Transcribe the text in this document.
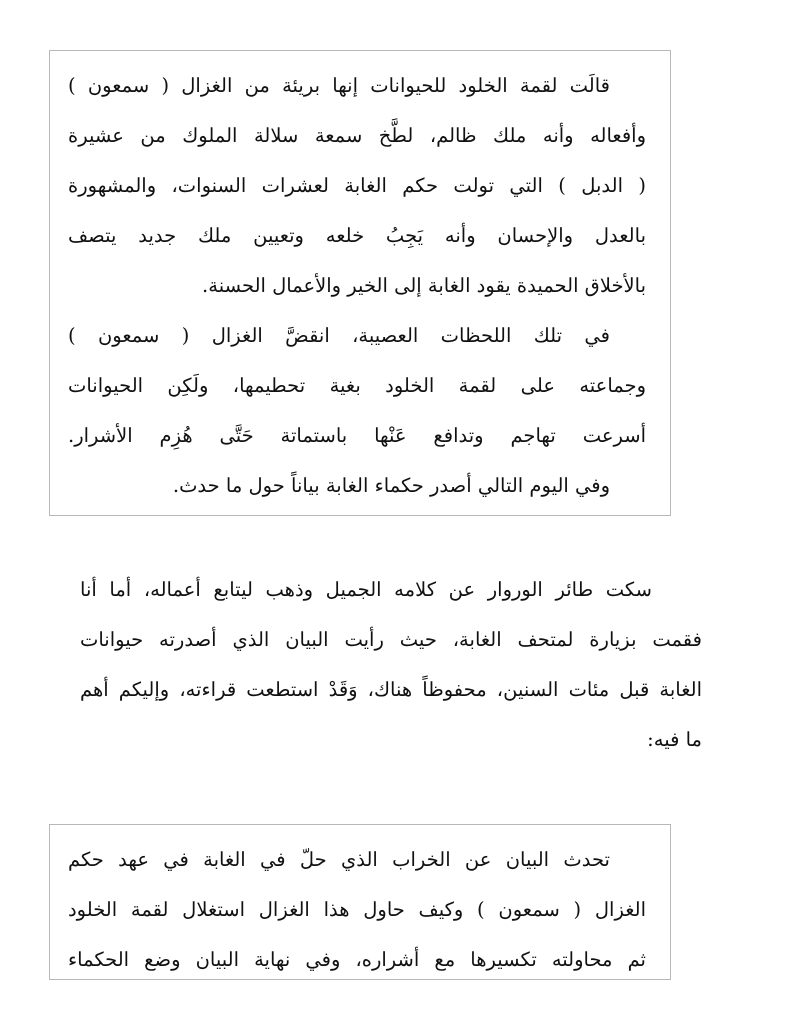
قالَت لقمة الخلود للحيوانات إنها بريئة من الغزال ( سمعون )
وأفعاله وأنه ملك ظالم، لطَّخ سمعة سلالة الملوك من عشيرة
( الدبل ) التي تولت حكم الغابة لعشرات السنوات، والمشهورة
بالعدل والإحسان وأنه يَجِبُ خلعه وتعيين ملك جديد يتصف
بالأخلاق الحميدة يقود الغابة إلى الخير والأعمال الحسنة.
في تلك اللحظات العصيبة، انقضَّ الغزال ( سمعون )
وجماعته على لقمة الخلود بغية تحطيمها، ولَكِن الحيوانات
أسرعت تهاجم وتدافع عَنْها باستماتة حَتَّى هُزِم الأشرار.
وفي اليوم التالي أصدر حكماء الغابة بياناً حول ما حدث.
سكت طائر الوروار عن كلامه الجميل وذهب ليتابع أعماله، أما أنا
فقمت بزيارة لمتحف الغابة، حيث رأيت البيان الذي أصدرته حيوانات
الغابة قبل مئات السنين، محفوظاً هناك، وَقَدْ استطعت قراءته، وإليكم أهم
ما فيه:
تحدث البيان عن الخراب الذي حلّ في الغابة في عهد حكم
الغزال ( سمعون ) وكيف حاول هذا الغزال استغلال لقمة الخلود
ثم محاولته تكسيرها مع أشراره، وفي نهاية البيان وضع الحكماء
